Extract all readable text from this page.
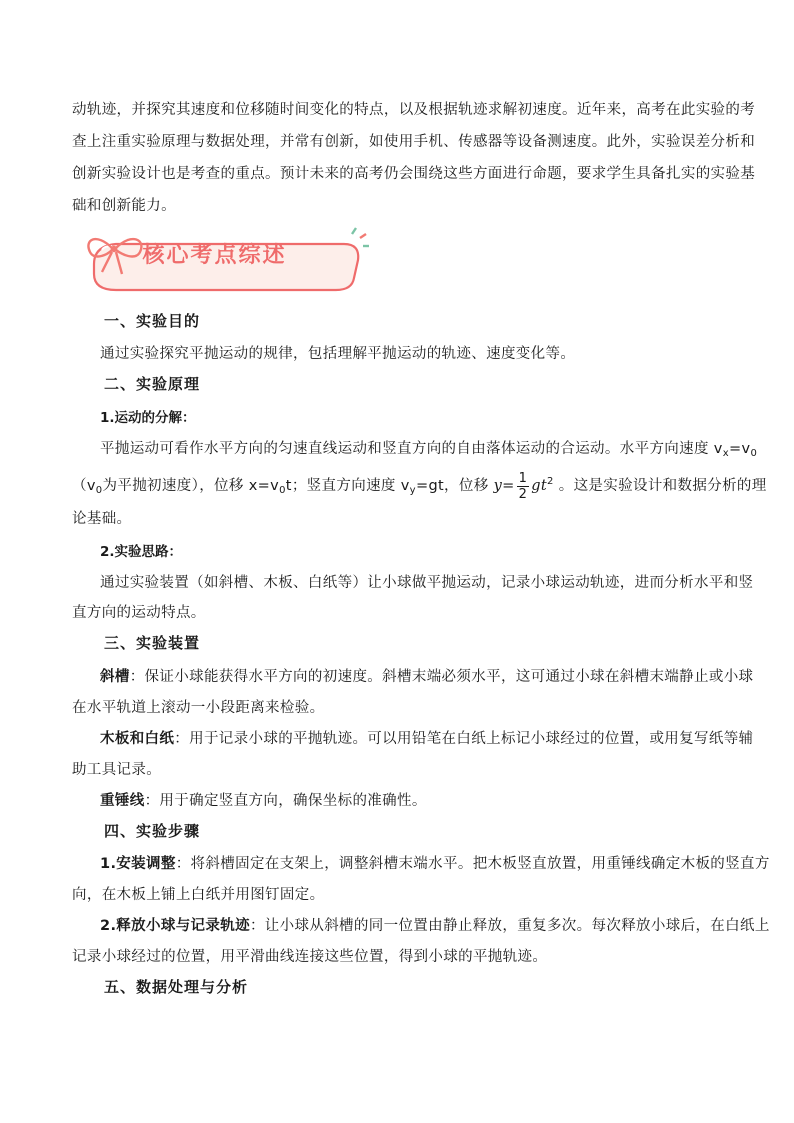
动轨迹，并探究其速度和位移随时间变化的特点，以及根据轨迹求解初速度。近年来，高考在此实验的考
查上注重实验原理与数据处理，并常有创新，如使用手机、传感器等设备测速度。此外，实验误差分析和
创新实验设计也是考查的重点。预计未来的高考仍会围绕这些方面进行命题，要求学生具备扎实的实验基
础和创新能力。
核心考点综述
一、实验目的
通过实验探究平抛运动的规律，包括理解平抛运动的轨迹、速度变化等。
二、实验原理
1.运动的分解：
平抛运动可看作水平方向的匀速直线运动和竖直方向的自由落体运动的合运动。水平方向速度 $v_x=v_0$
（$v_0$为平抛初速度），位移 $x=v_0t$；竖直方向速度 $v_y=gt$，位移 $y= \frac{1}{2} gt^2$ 。这是实验设计和数据分析的理
论基础。
2.实验思路：
通过实验装置（如斜槽、木板、白纸等）让小球做平抛运动，记录小球运动轨迹，进而分析水平和竖
直方向的运动特点。
三、实验装置
斜槽：保证小球能获得水平方向的初速度。斜槽末端必须水平，这可通过小球在斜槽末端静止或小球
在水平轨道上滚动一小段距离来检验。
木板和白纸：用于记录小球的平抛轨迹。可以用铅笔在白纸上标记小球经过的位置，或用复写纸等辅
助工具记录。
重锤线：用于确定竖直方向，确保坐标的准确性。
四、实验步骤
1.安装调整：将斜槽固定在支架上，调整斜槽末端水平。把木板竖直放置，用重锤线确定木板的竖直方
向，在木板上铺上白纸并用图钉固定。
2.释放小球与记录轨迹：让小球从斜槽的同一位置由静止释放，重复多次。每次释放小球后，在白纸上
记录小球经过的位置，用平滑曲线连接这些位置，得到小球的平抛轨迹。
五、数据处理与分析
